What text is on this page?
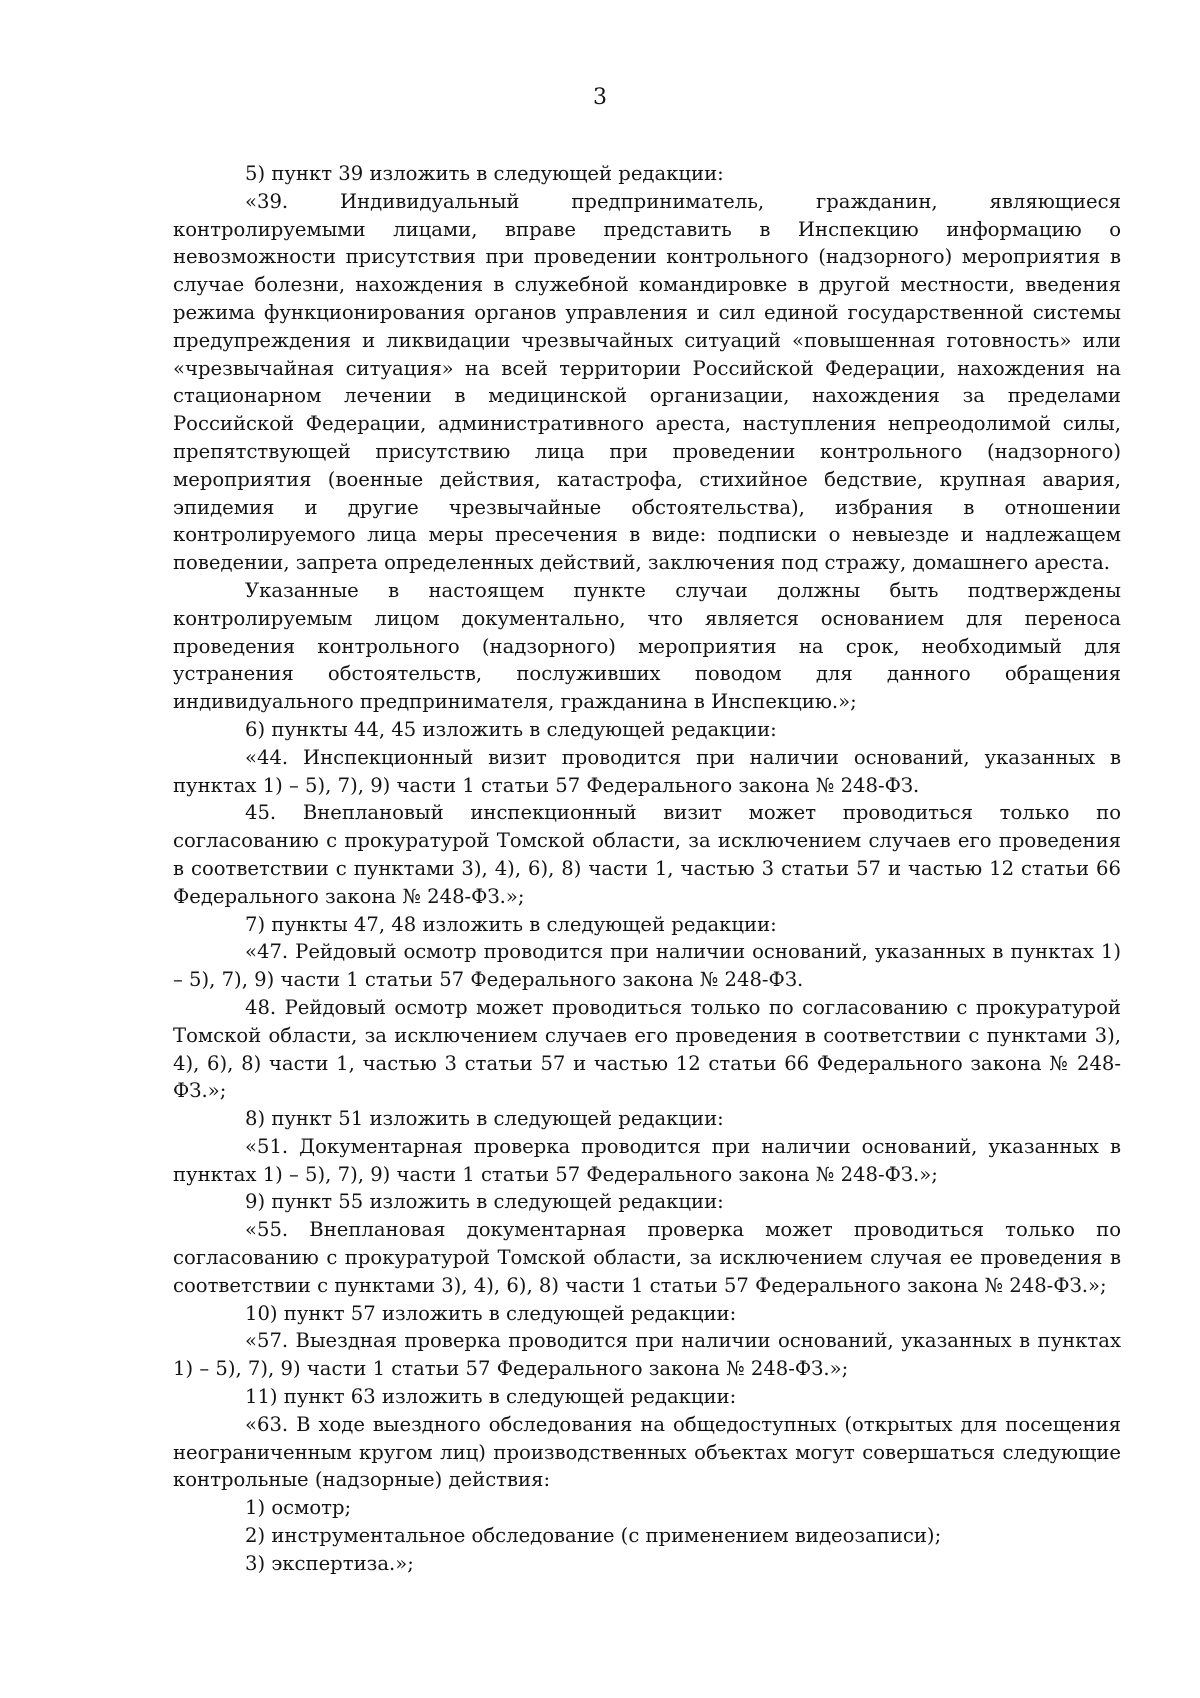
3

5) пункт 39 изложить в следующей редакции:

«39. Индивидуальный предприниматель, гражданин, являющиеся контролируемыми лицами, вправе представить в Инспекцию информацию о невозможности присутствия при проведении контрольного (надзорного) мероприятия в случае болезни, нахождения в служебной командировке в другой местности, введения режима функционирования органов управления и сил единой государственной системы предупреждения и ликвидации чрезвычайных ситуаций «повышенная готовность» или «чрезвычайная ситуация» на всей территории Российской Федерации, нахождения на стационарном лечении в медицинской организации, нахождения за пределами Российской Федерации, административного ареста, наступления непреодолимой силы, препятствующей присутствию лица при проведении контрольного (надзорного) мероприятия (военные действия, катастрофа, стихийное бедствие, крупная авария, эпидемия и другие чрезвычайные обстоятельства), избрания в отношении контролируемого лица меры пресечения в виде: подписки о невыезде и надлежащем поведении, запрета определенных действий, заключения под стражу, домашнего ареста.

Указанные в настоящем пункте случаи должны быть подтверждены контролируемым лицом документально, что является основанием для переноса проведения контрольного (надзорного) мероприятия на срок, необходимый для устранения обстоятельств, послуживших поводом для данного обращения индивидуального предпринимателя, гражданина в Инспекцию.»;

6) пункты 44, 45 изложить в следующей редакции:

«44. Инспекционный визит проводится при наличии оснований, указанных в пунктах 1) – 5), 7), 9) части 1 статьи 57 Федерального закона № 248-ФЗ.

45. Внеплановый инспекционный визит может проводиться только по согласованию с прокуратурой Томской области, за исключением случаев его проведения в соответствии с пунктами 3), 4), 6), 8) части 1, частью 3 статьи 57 и частью 12 статьи 66 Федерального закона № 248-ФЗ.»;

7) пункты 47, 48 изложить в следующей редакции:

«47. Рейдовый осмотр проводится при наличии оснований, указанных в пунктах 1) – 5), 7), 9) части 1 статьи 57 Федерального закона № 248-ФЗ.

48. Рейдовый осмотр может проводиться только по согласованию с прокуратурой Томской области, за исключением случаев его проведения в соответствии с пунктами 3), 4), 6), 8) части 1, частью 3 статьи 57 и частью 12 статьи 66 Федерального закона № 248-ФЗ.»;

8) пункт 51 изложить в следующей редакции:

«51. Документарная проверка проводится при наличии оснований, указанных в пунктах 1) – 5), 7), 9) части 1 статьи 57 Федерального закона № 248-ФЗ.»;

9) пункт 55 изложить в следующей редакции:

«55. Внеплановая документарная проверка может проводиться только по согласованию с прокуратурой Томской области, за исключением случая ее проведения в соответствии с пунктами 3), 4), 6), 8) части 1 статьи 57 Федерального закона № 248-ФЗ.»;

10) пункт 57 изложить в следующей редакции:

«57. Выездная проверка проводится при наличии оснований, указанных в пунктах 1) – 5), 7), 9) части 1 статьи 57 Федерального закона № 248-ФЗ.»;

11) пункт 63 изложить в следующей редакции:

«63. В ходе выездного обследования на общедоступных (открытых для посещения неограниченным кругом лиц) производственных объектах могут совершаться следующие контрольные (надзорные) действия:

1) осмотр;

2) инструментальное обследование (с применением видеозаписи);

3) экспертиза.»;
